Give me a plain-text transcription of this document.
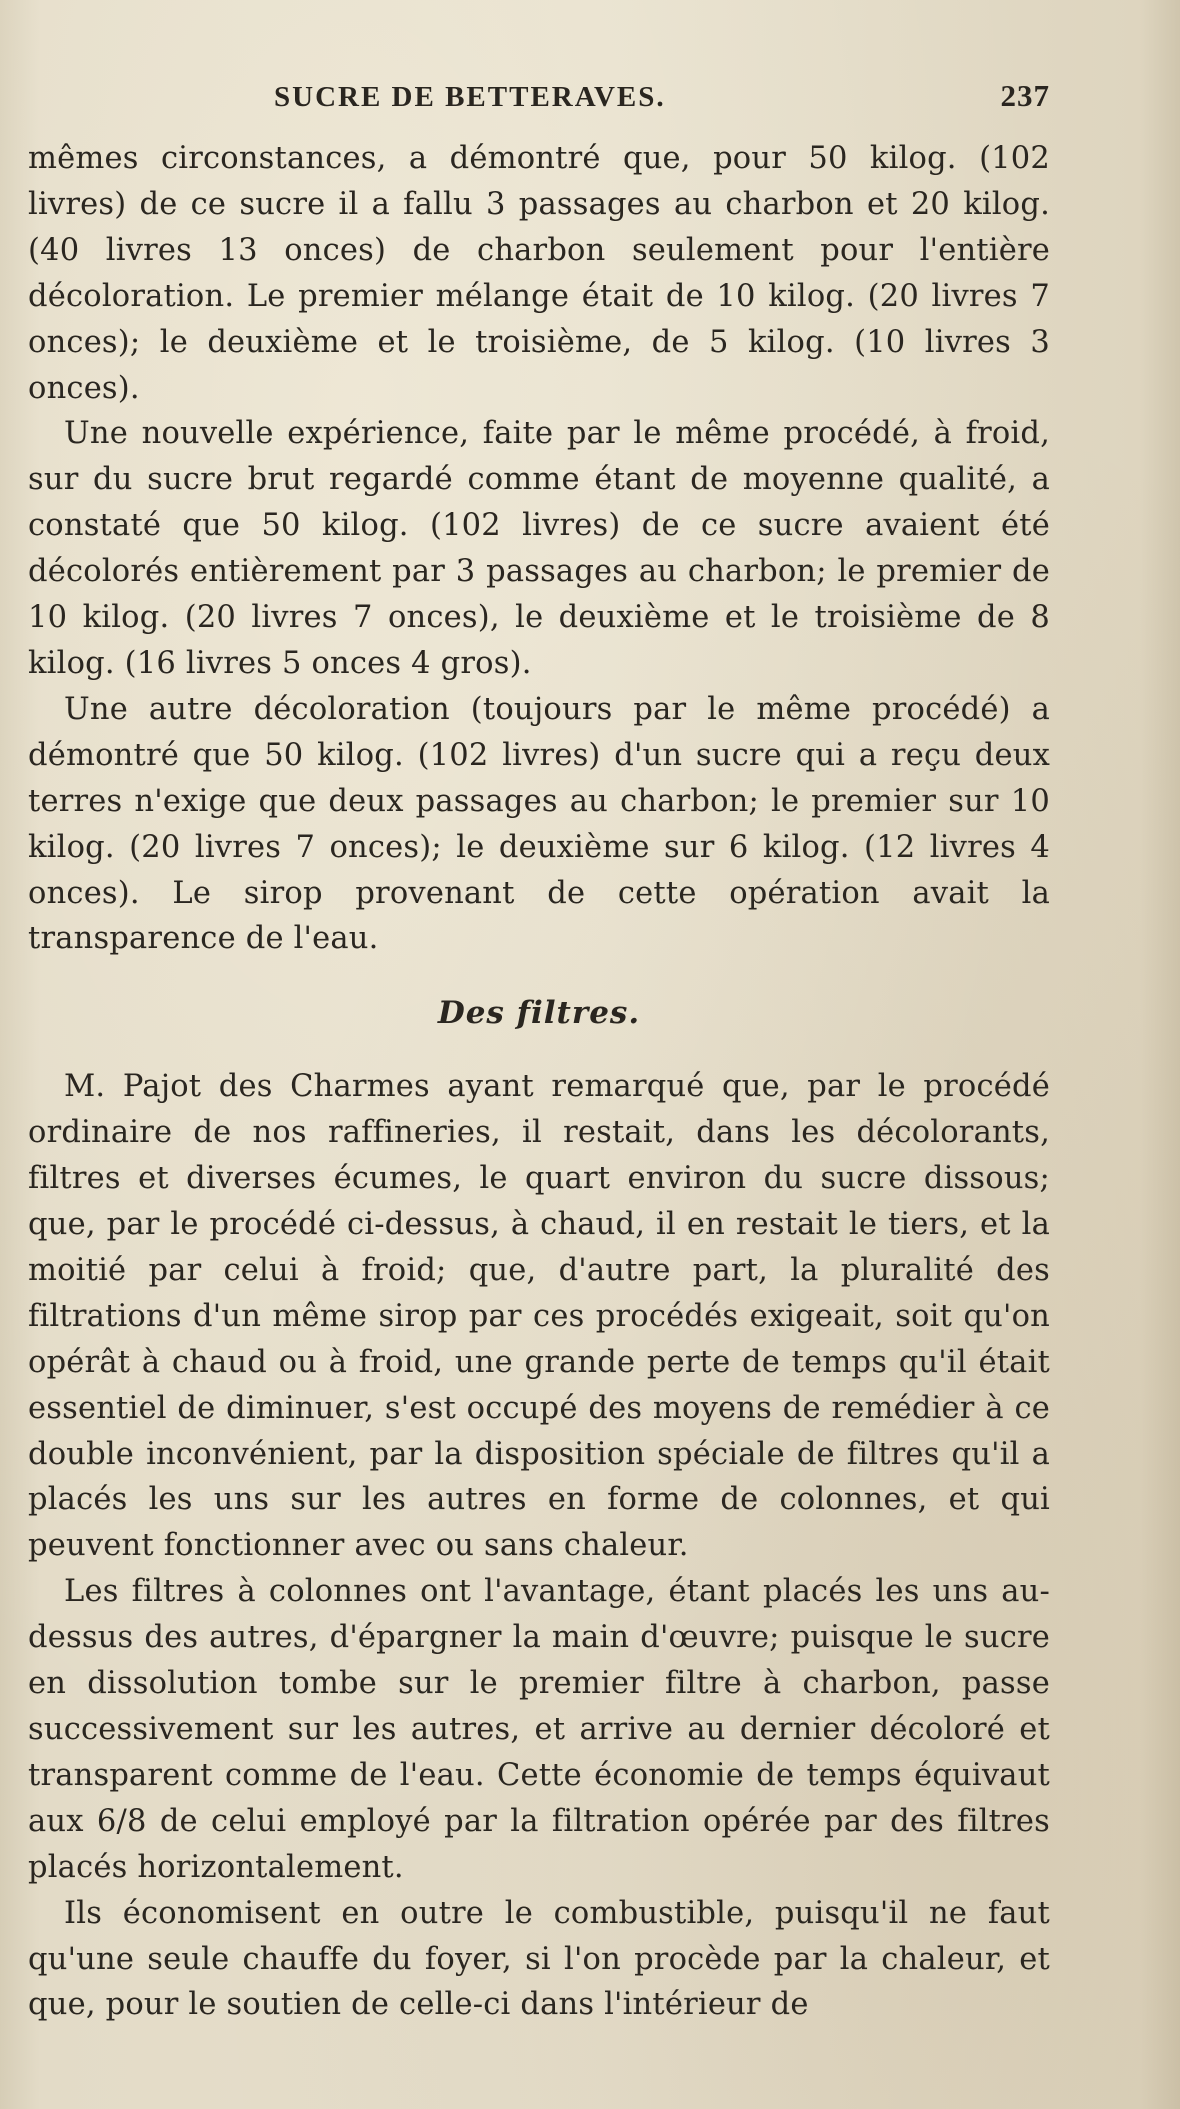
SUCRE DE BETTERAVES.	237

mêmes circonstances, a démontré que, pour 50 kilog. (102 livres) de ce sucre il a fallu 3 passages au charbon et 20 kilog. (40 livres 13 onces) de charbon seulement pour l'entière décoloration. Le premier mélange était de 10 kilog. (20 livres 7 onces); le deuxième et le troisième, de 5 kilog. (10 livres 3 onces).

Une nouvelle expérience, faite par le même procédé, à froid, sur du sucre brut regardé comme étant de moyenne qualité, a constaté que 50 kilog. (102 livres) de ce sucre avaient été décolorés entièrement par 3 passages au charbon; le premier de 10 kilog. (20 livres 7 onces), le deuxième et le troisième de 8 kilog. (16 livres 5 onces 4 gros).

Une autre décoloration (toujours par le même procédé) a démontré que 50 kilog. (102 livres) d'un sucre qui a reçu deux terres n'exige que deux passages au charbon; le premier sur 10 kilog. (20 livres 7 onces); le deuxième sur 6 kilog. (12 livres 4 onces). Le sirop provenant de cette opération avait la transparence de l'eau.

Des filtres.

M. Pajot des Charmes ayant remarqué que, par le procédé ordinaire de nos raffineries, il restait, dans les décolorants, filtres et diverses écumes, le quart environ du sucre dissous; que, par le procédé ci-dessus, à chaud, il en restait le tiers, et la moitié par celui à froid; que, d'autre part, la pluralité des filtrations d'un même sirop par ces procédés exigeait, soit qu'on opérât à chaud ou à froid, une grande perte de temps qu'il était essentiel de diminuer, s'est occupé des moyens de remédier à ce double inconvénient, par la disposition spéciale de filtres qu'il a placés les uns sur les autres en forme de colonnes, et qui peuvent fonctionner avec ou sans chaleur.

Les filtres à colonnes ont l'avantage, étant placés les uns au-dessus des autres, d'épargner la main d'œuvre; puisque le sucre en dissolution tombe sur le premier filtre à charbon, passe successivement sur les autres, et arrive au dernier décoloré et transparent comme de l'eau. Cette économie de temps équivaut aux 6/8 de celui employé par la filtration opérée par des filtres placés horizontalement.

Ils économisent en outre le combustible, puisqu'il ne faut qu'une seule chauffe du foyer, si l'on procède par la chaleur, et que, pour le soutien de celle-ci dans l'intérieur de
